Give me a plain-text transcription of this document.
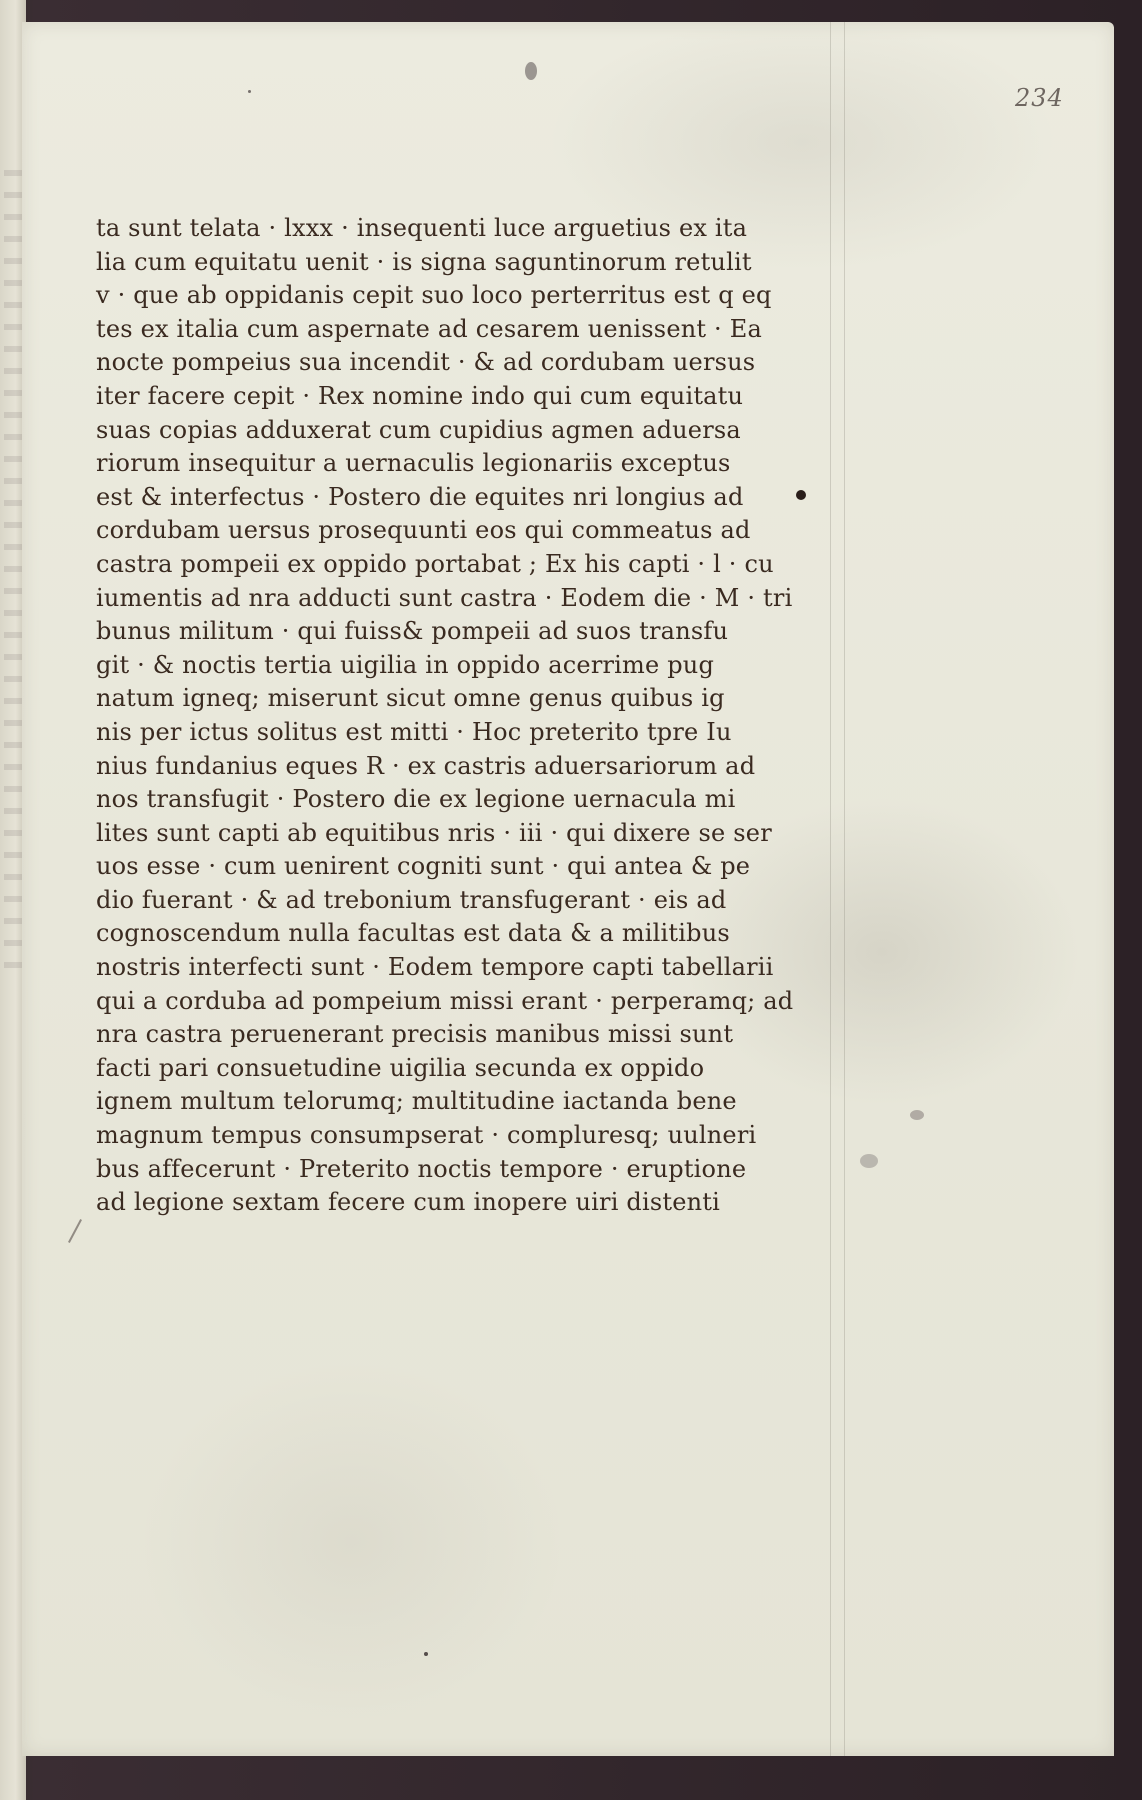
234
ta sunt telata · lxxx · insequenti luce arguetius ex ita
lia cum equitatu uenit · is signa saguntinorum retulit
v · que ab oppidanis cepit suo loco perterritus est q eq
tes ex italia cum aspernate ad cesarem uenissent · Ea
nocte pompeius sua incendit · & ad cordubam uersus
iter facere cepit · Rex nomine indo qui cum equitatu
suas copias adduxerat cum cupidius agmen aduersa
riorum insequitur a uernaculis legionariis exceptus
est & interfectus · Postero die equites nri longius ad
cordubam uersus prosequunti eos qui commeatus ad
castra pompeii ex oppido portabat ; Ex his capti · l · cu
iumentis ad nra adducti sunt castra · Eodem die · M · tri
bunus militum · qui fuiss& pompeii ad suos transfu
git · & noctis tertia uigilia in oppido acerrime pug
natum igneq; miserunt sicut omne genus quibus ig
nis per ictus solitus est mitti · Hoc preterito tpre Iu
nius fundanius eques R · ex castris aduersariorum ad
nos transfugit · Postero die ex legione uernacula mi
lites sunt capti ab equitibus nris · iii · qui dixere se ser
uos esse · cum uenirent cogniti sunt · qui antea & pe
dio fuerant · & ad trebonium transfugerant · eis ad
cognoscendum nulla facultas est data & a militibus
nostris interfecti sunt · Eodem tempore capti tabellarii
qui a corduba ad pompeium missi erant · perperamq; ad
nra castra peruenerant precisis manibus missi sunt
facti pari consuetudine uigilia secunda ex oppido
ignem multum telorumq; multitudine iactanda bene
magnum tempus consumpserat · compluresq; uulneri
bus affecerunt · Preterito noctis tempore · eruptione
ad legione sextam fecere cum inopere uiri distenti
